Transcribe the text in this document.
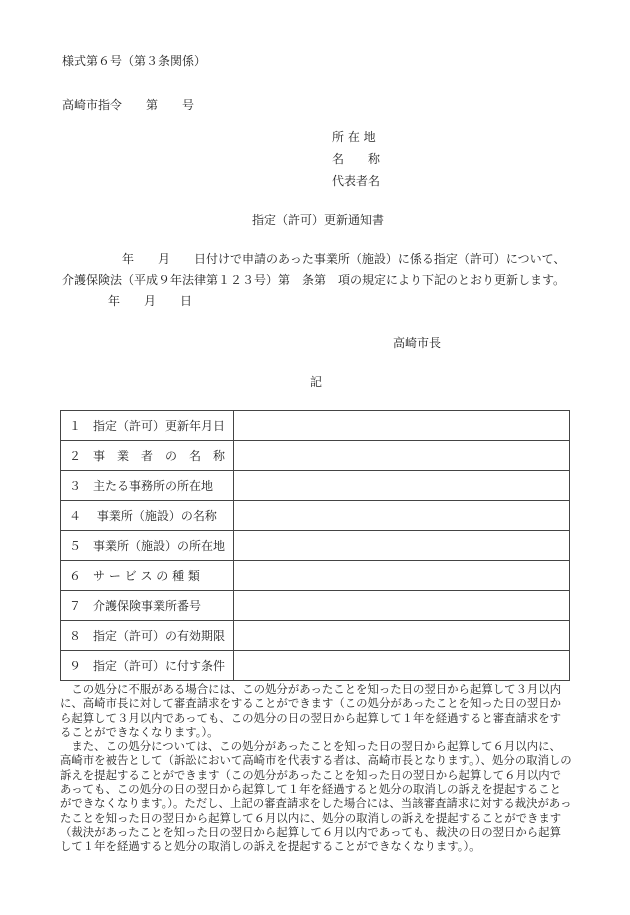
様式第６号（第３条関係）
高崎市指令　　第　　号
所 在 地
名　　称
代表者名
指定（許可）更新通知書
　　　　　年　　月　　日付けで申請のあった事業所（施設）に係る指定（許可）について、介護保険法（平成９年法律第１２３号）第　条第　項の規定により下記のとおり更新します。
年　　月　　日
高崎市長
記
１　指定（許可）更新年月日	
２　事　業　者　の　名　称	
３　主たる事務所の所在地	
４　 事業所（施設）の名称	
５　事業所（施設）の所在地	
６　サ ー ビ ス の 種 類	
７　介護保険事業所番号	
８　指定（許可）の有効期限	
９　指定（許可）に付す条件	

この処分に不服がある場合には、この処分があったことを知った日の翌日から起算して３月以内に、高崎市長に対して審査請求をすることができます（この処分があったことを知った日の翌日から起算して３月以内であっても、この処分の日の翌日から起算して１年を経過すると審査請求をすることができなくなります。）。

また、この処分については、この処分があったことを知った日の翌日から起算して６月以内に、高崎市を被告として（訴訟において高崎市を代表する者は、高崎市長となります。）、処分の取消しの訴えを提起することができます（この処分があったことを知った日の翌日から起算して６月以内であっても、この処分の日の翌日から起算して１年を経過すると処分の取消しの訴えを提起することができなくなります。）。ただし、上記の審査請求をした場合には、当該審査請求に対する裁決があったことを知った日の翌日から起算して６月以内に、処分の取消しの訴えを提起することができます（裁決があったことを知った日の翌日から起算して６月以内であっても、裁決の日の翌日から起算して１年を経過すると処分の取消しの訴えを提起することができなくなります。）。
